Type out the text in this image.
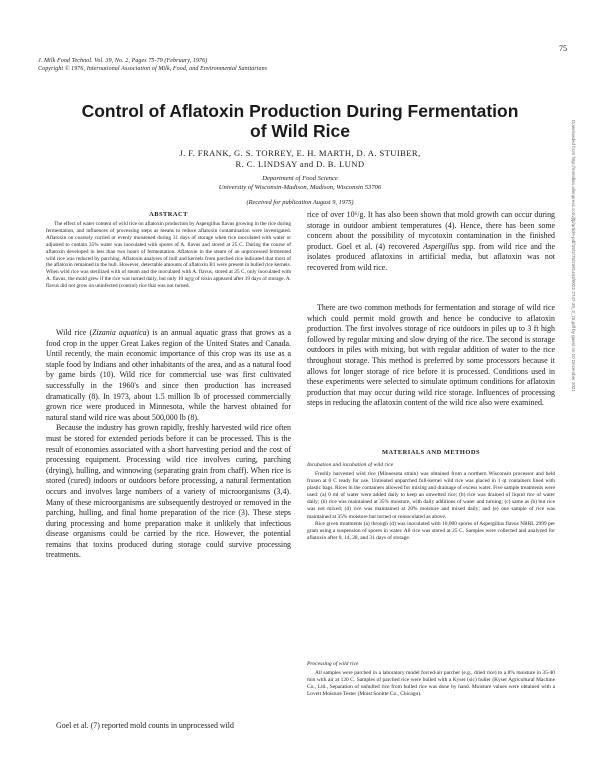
75
J. Milk Food Technol. Vol. 39, No. 2, Pages 75-79 (February, 1976)
Copyright © 1976, International Association of Milk, Food, and Environmental Sanitarians
Downloaded from http://meridian.allenpress.com/jfp/article-pdf/39/2/75/2381443/0022-2747-39_2_75.pdf by guest on 10 December 2021
Control of Aflatoxin Production During Fermentation
of Wild Rice
J. F. FRANK, G. S. TORREY, E. H. MARTH, D. A. STUIBER,
R. C. LINDSAY and D. B. LUND
Department of Food Science
University of Wisconsin-Madison, Madison, Wisconsin 53706
(Received for publication August 9, 1975)
ABSTRACT

The effect of water content of wild rice on aflatoxin production by Aspergillus flavus growing in the rice during fermentation, and influences of processing steps as means to reduce aflatoxin contamination were investigated. Aflatoxin on coarsely curried or evenly moistened during 31 days of storage when rice inoculated with water or adjusted to contain 35% water was inoculated with spores of A. flavus and stored at 25 C. During the course of aflatoxin developed in less than two hours of fermentation. Aflatoxin in the steam of an unprocessed fermented wild rice was reduced by parching. Aflatoxin analyses of hull and kernels from parched rice indicated that most of the aflatoxin remained in the hull. However, detectable amounts of aflatoxin B1 were present in hulled rice kernels. When wild rice was sterilized with of steam and the inoculated with A. flavus, stored at 25 C, only inoculated with A. flavus, the mold grew if the rice was turned daily, but only 10 ng/g of toxin appeared after 19 days of storage. A. flavus did not grow on uninfected (control) rice that was not turned.

Wild rice (Zizania aquatica) is an annual aquatic grass that grows as a food crop in the upper Great Lakes region of the United States and Canada. Until recently, the main economic importance of this crop was its use as a staple food by Indians and other inhabitants of the area, and as a natural food by game birds (10). Wild rice for commercial use was first cultivated successfully in the 1960's and since then production has increased dramatically (8). In 1973, about 1.5 million lb of processed commercially grown rice were produced in Minnesota, while the harvest obtained for natural stand wild rice was about 500,000 lb (8).

Because the industry has grown rapidly, freshly harvested wild rice often must be stored for extended periods before it can be processed. This is the result of economies associated with a short harvesting period and the cost of processing equipment. Processing wild rice involves curing, parching (drying), hulling, and winnowing (separating grain from chaff). When rice is stored (cured) indoors or outdoors before processing, a natural fermentation occurs and involves large numbers of a variety of microorganisms (3,4). Many of these microorganisms are subsequently destroyed or removed in the parching, hulling, and final home preparation of the rice (3). These steps during processing and home preparation make it unlikely that infectious disease organisms could be carried by the rice. However, the potential remains that toxins produced during storage could survive processing treatments.

Goel et al. (7) reported mold counts in unprocessed wild

rice of over 10⁶/g. It has also been shown that mold growth can occur during storage in outdoor ambient temperatures (4). Hence, there has been some concern about the possibility of mycotoxin contamination in the finished product. Goel et al. (4) recovered Aspergillus spp. from wild rice and the isolates produced aflatoxins in artificial media, but aflatoxin was not recovered from wild rice.

There are two common methods for fermentation and storage of wild rice which could permit mold growth and hence be conducive to aflatoxin production. The first involves storage of rice outdoors in piles up to 3 ft high followed by regular mixing and slow drying of the rice. The second is storage outdoors in piles with mixing, but with regular addition of water to the rice throughout storage. This method is preferred by some processors because it allows for longer storage of rice before it is processed. Conditions used in these experiments were selected to simulate optimum conditions for aflatoxin production that may occur during wild rice storage. Influences of processing steps in reducing the aflatoxin content of the wild rice also were examined.

MATERIALS AND METHODS
Incubation and incubation of wild rice

Freshly harvested wild rice (Minnesota strain) was obtained from a northern Wisconsin processor and held frozen at 0 C ready for use. Untreated unparched full-kernel wild rice was placed in 1 qt containers lined with plastic bags. Rices in the containers allowed for mixing and drainage of excess water. Five sample treatments were used: (a) 0 ml of water were added daily to keep an unwetted rice; (b) rice was drained of liquid rice of water daily; (b) rice was maintained at 35% moisture, with daily additions of water and turning; (c) same as (b) but rice was not mixed; (d) rice was maintained at 20% moisture and mixed daily; and (e) one sample of rice was maintained at 35% moisture but turned or reinoculated as above.

Rice given treatments (a) through (d) was inoculated with 10,000 spores of Aspergillus flavus NRRL 2999 per gram using a suspension of spores in water. All rice was stored at 25 C. Samples were collected and analyzed for aflatoxin after 0, 14, 28, and 31 days of storage.

Processing of wild rice

All samples were parched in a laboratory model forced-air parcher (e.g., dried rice) to a 8% moisture in 35-40 min with air at 120 C. Samples of parched rice were hulled with a Kyser (sic) huller (Kyser Agricultural Machine Co., Ltd., Separation of unhulled rice from hulled rice was done by hand. Moisture values were obtained with a Lovett Moisture Tester (Moist Sonitte Co., Chicago).
